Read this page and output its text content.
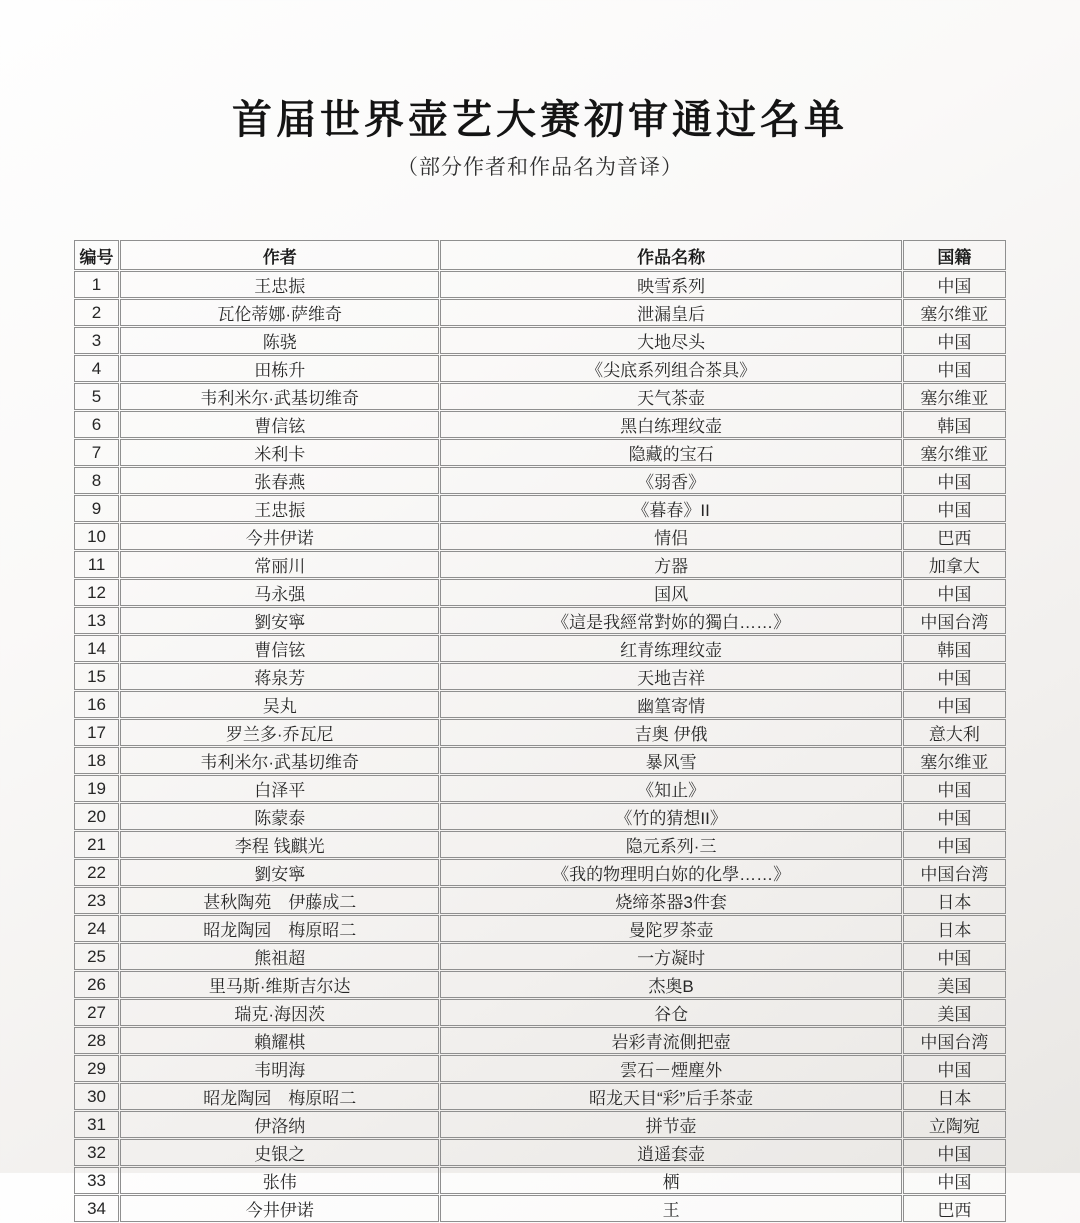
首届世界壶艺大赛初审通过名单
（部分作者和作品名为音译）
编号	作者	作品名称	国籍
1	王忠振	映雪系列	中国
2	瓦伦蒂娜·萨维奇	泄漏皇后	塞尔维亚
3	陈骁	大地尽头	中国
4	田栋升	《尖底系列组合茶具》	中国
5	韦利米尔·武基切维奇	天气茶壶	塞尔维亚
6	曹信铉	黑白练理纹壶	韩国
7	米利卡	隐藏的宝石	塞尔维亚
8	张春燕	《弱香》	中国
9	王忠振	《暮春》II	中国
10	今井伊诺	情侣	巴西
11	常丽川	方器	加拿大
12	马永强	国风	中国
13	劉安寧	《這是我經常對妳的獨白……》	中国台湾
14	曹信铉	红青练理纹壶	韩国
15	蒋泉芳	天地吉祥	中国
16	吴丸	幽篁寄情	中国
17	罗兰多·乔瓦尼	吉奥 伊俄	意大利
18	韦利米尔·武基切维奇	暴风雪	塞尔维亚
19	白泽平	《知止》	中国
20	陈蒙泰	《竹的猜想II》	中国
21	李程 钱麒光	隐元系列·三	中国
22	劉安寧	《我的物理明白妳的化學……》	中国台湾
23	甚秋陶苑　伊藤成二	烧缔茶器3件套	日本
24	昭龙陶园　梅原昭二	曼陀罗茶壶	日本
25	熊祖超	一方凝时	中国
26	里马斯·维斯吉尔达	杰奥B	美国
27	瑞克·海因茨	谷仓	美国
28	賴耀棋	岩彩青流側把壺	中国台湾
29	韦明海	雲石－煙塵外	中国
30	昭龙陶园　梅原昭二	昭龙天目“彩”后手茶壶	日本
31	伊洛纳	拼节壶	立陶宛
32	史银之	逍遥套壶	中国
33	张伟	栖	中国
34	今井伊诺	王	巴西
